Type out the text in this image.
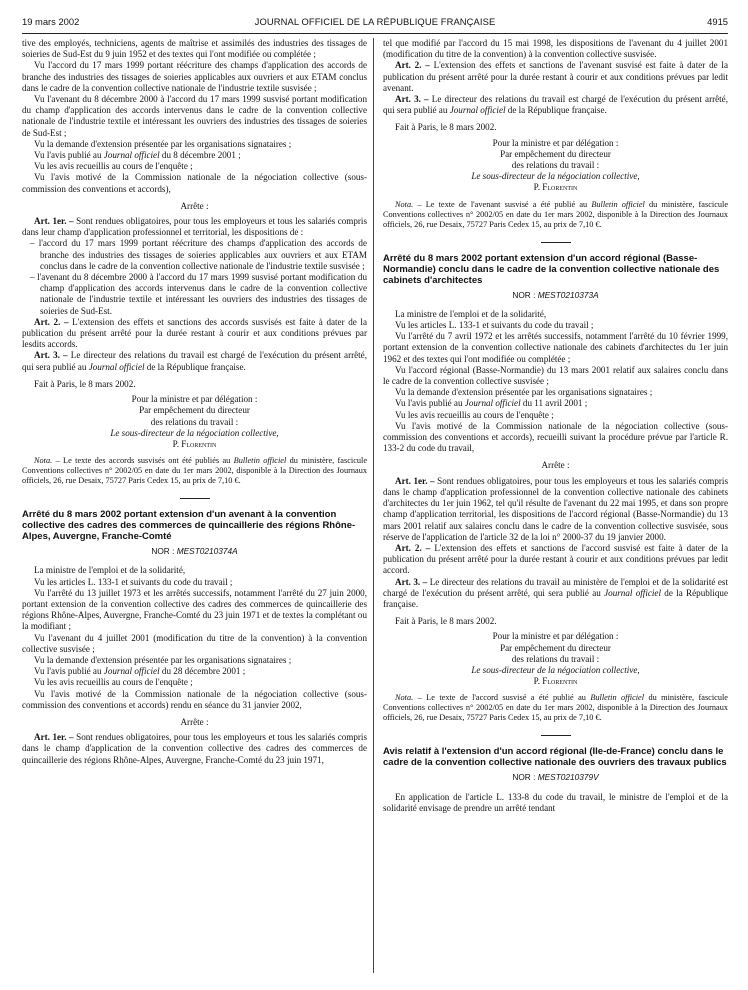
19 mars 2002	JOURNAL OFFICIEL DE LA RÉPUBLIQUE FRANÇAISE	4915

tive des employés, techniciens, agents de maîtrise et assimilés des industries des tissages de soieries de Sud-Est du 9 juin 1952 et des textes qui l'ont modifiée ou complétée ;

Vu l'accord du 17 mars 1999 portant réécriture des champs d'application des accords de branche des industries des tissages de soieries applicables aux ouvriers et aux ETAM conclus dans le cadre de la convention collective nationale de l'industrie textile susvisée ;

Vu l'avenant du 8 décembre 2000 à l'accord du 17 mars 1999 susvisé portant modification du champ d'application des accords intervenus dans le cadre de la convention collective nationale de l'industrie textile et intéressant les ouvriers des industries des tissages de soieries de Sud-Est ;

Vu la demande d'extension présentée par les organisations signataires ;

Vu l'avis publié au Journal officiel du 8 décembre 2001 ;

Vu les avis recueillis au cours de l'enquête ;

Vu l'avis motivé de la Commission nationale de la négociation collective (sous-commission des conventions et accords),

Arrête :

Art. 1er. – Sont rendues obligatoires, pour tous les employeurs et tous les salariés compris dans leur champ d'application professionnel et territorial, les dispositions de :

– l'accord du 17 mars 1999 portant réécriture des champs d'application des accords de branche des industries des tissages de soieries applicables aux ouvriers et aux ETAM conclus dans le cadre de la convention collective nationale de l'industrie textile susvisée ;

– l'avenant du 8 décembre 2000 à l'accord du 17 mars 1999 susvisé portant modification du champ d'application des accords intervenus dans le cadre de la convention collective nationale de l'industrie textile et intéressant les ouvriers des industries des tissages de soieries de Sud-Est.

Art. 2. – L'extension des effets et sanctions des accords susvisés est faite à dater de la publication du présent arrêté pour la durée restant à courir et aux conditions prévues par lesdits accords.

Art. 3. – Le directeur des relations du travail est chargé de l'exécution du présent arrêté, qui sera publié au Journal officiel de la République française.

Fait à Paris, le 8 mars 2002.

Pour la ministre et par délégation :
Par empêchement du directeur
des relations du travail :
Le sous-directeur de la négociation collective,
P. Florentin

Nota. – Le texte des accords susvisés ont été publiés au Bulletin officiel du ministère, fascicule Conventions collectives n° 2002/05 en date du 1er mars 2002, disponible à la Direction des Journaux officiels, 26, rue Desaix, 75727 Paris Cedex 15, au prix de 7,10 €.

Arrêté du 8 mars 2002 portant extension d'un avenant à la convention collective des cadres des commerces de quincaillerie des régions Rhône-Alpes, Auvergne, Franche-Comté

NOR : MEST0210374A

La ministre de l'emploi et de la solidarité,

Vu les articles L. 133-1 et suivants du code du travail ;

Vu l'arrêté du 13 juillet 1973 et les arrêtés successifs, notamment l'arrêté du 27 juin 2000, portant extension de la convention collective des cadres des commerces de quincaillerie des régions Rhône-Alpes, Auvergne, Franche-Comté du 23 juin 1971 et de textes la complétant ou la modifiant ;

Vu l'avenant du 4 juillet 2001 (modification du titre de la convention) à la convention collective susvisée ;

Vu la demande d'extension présentée par les organisations signataires ;

Vu l'avis publié au Journal officiel du 28 décembre 2001 ;

Vu les avis recueillis au cours de l'enquête ;

Vu l'avis motivé de la Commission nationale de la négociation collective (sous-commission des conventions et accords) rendu en séance du 31 janvier 2002,

Arrête :

Art. 1er. – Sont rendues obligatoires, pour tous les employeurs et tous les salariés compris dans le champ d'application de la convention collective des cadres des commerces de quincaillerie des régions Rhône-Alpes, Auvergne, Franche-Comté du 23 juin 1971,

tel que modifié par l'accord du 15 mai 1998, les dispositions de l'avenant du 4 juillet 2001 (modification du titre de la convention) à la convention collective susvisée.

Art. 2. – L'extension des effets et sanctions de l'avenant susvisé est faite à dater de la publication du présent arrêté pour la durée restant à courir et aux conditions prévues par ledit avenant.

Art. 3. – Le directeur des relations du travail est chargé de l'exécution du présent arrêté, qui sera publié au Journal officiel de la République française.

Fait à Paris, le 8 mars 2002.

Pour la ministre et par délégation :
Par empêchement du directeur
des relations du travail :
Le sous-directeur de la négociation collective,
P. Florentin

Nota. – Le texte de l'avenant susvisé a été publié au Bulletin officiel du ministère, fascicule Conventions collectives n° 2002/05 en date du 1er mars 2002, disponible à la Direction des Journaux officiels, 26, rue Desaix, 75727 Paris Cedex 15, au prix de 7,10 €.

Arrêté du 8 mars 2002 portant extension d'un accord régional (Basse-Normandie) conclu dans le cadre de la convention collective nationale des cabinets d'architectes

NOR : MEST0210373A

La ministre de l'emploi et de la solidarité,

Vu les articles L. 133-1 et suivants du code du travail ;

Vu l'arrêté du 7 avril 1972 et les arrêtés successifs, notamment l'arrêté du 10 février 1999, portant extension de la convention collective nationale des cabinets d'architectes du 1er juin 1962 et des textes qui l'ont modifiée ou complétée ;

Vu l'accord régional (Basse-Normandie) du 13 mars 2001 relatif aux salaires conclu dans le cadre de la convention collective susvisée ;

Vu la demande d'extension présentée par les organisations signataires ;

Vu l'avis publié au Journal officiel du 11 avril 2001 ;

Vu les avis recueillis au cours de l'enquête ;

Vu l'avis motivé de la Commission nationale de la négociation collective (sous-commission des conventions et accords), recueilli suivant la procédure prévue par l'article R. 133-2 du code du travail,

Arrête :

Art. 1er. – Sont rendues obligatoires, pour tous les employeurs et tous les salariés compris dans le champ d'application professionnel de la convention collective nationale des cabinets d'architectes du 1er juin 1962, tel qu'il résulte de l'avenant du 22 mai 1995, et dans son propre champ d'application territorial, les dispositions de l'accord régional (Basse-Normandie) du 13 mars 2001 relatif aux salaires conclu dans le cadre de la convention collective susvisée, sous réserve de l'application de l'article 32 de la loi n° 2000-37 du 19 janvier 2000.

Art. 2. – L'extension des effets et sanctions de l'accord susvisé est faite à dater de la publication du présent arrêté pour la durée restant à courir et aux conditions prévues par ledit accord.

Art. 3. – Le directeur des relations du travail au ministère de l'emploi et de la solidarité est chargé de l'exécution du présent arrêté, qui sera publié au Journal officiel de la République française.

Fait à Paris, le 8 mars 2002.

Pour la ministre et par délégation :
Par empêchement du directeur
des relations du travail :
Le sous-directeur de la négociation collective,
P. Florentin

Nota. – Le texte de l'accord susvisé a été publié au Bulletin officiel du ministère, fascicule Conventions collectives n° 2002/05 en date du 1er mars 2002, disponible à la Direction des Journaux officiels, 26, rue Desaix, 75727 Paris Cedex 15, au prix de 7,10 €.

Avis relatif à l'extension d'un accord régional (Ile-de-France) conclu dans le cadre de la convention collective nationale des ouvriers des travaux publics

NOR : MEST0210379V

En application de l'article L. 133-8 du code du travail, le ministre de l'emploi et de la solidarité envisage de prendre un arrêté tendant
